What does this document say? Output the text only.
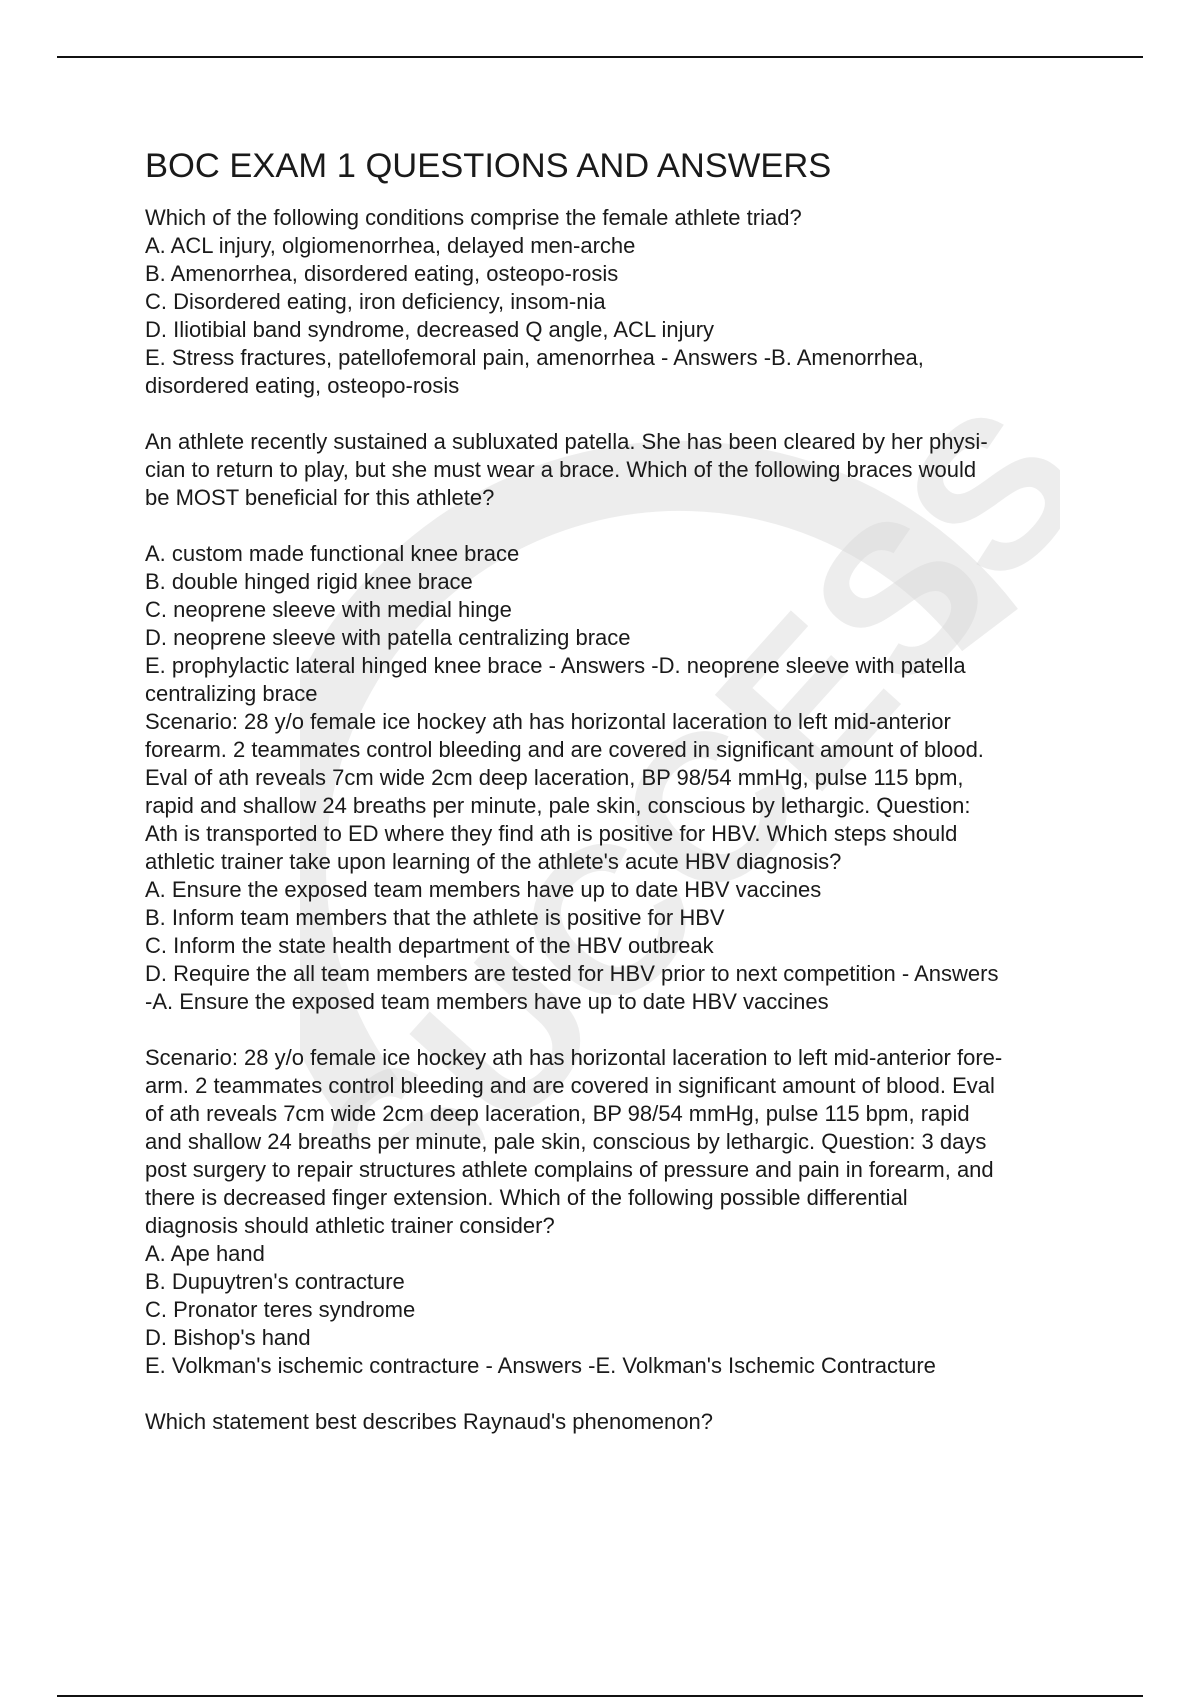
SUCCESS
BOC EXAM 1 QUESTIONS AND ANSWERS
Which of the following conditions comprise the female athlete triad?
A. ACL injury, olgiomenorrhea, delayed men-arche
B. Amenorrhea, disordered eating, osteopo-rosis
C. Disordered eating, iron deficiency, insom-nia
D. Iliotibial band syndrome, decreased Q angle, ACL injury
E. Stress fractures, patellofemoral pain, amenorrhea - Answers -B. Amenorrhea,
disordered eating, osteopo-rosis
An athlete recently sustained a subluxated patella. She has been cleared by her physi-
cian to return to play, but she must wear a brace. Which of the following braces would
be MOST beneficial for this athlete?
A. custom made functional knee brace
B. double hinged rigid knee brace
C. neoprene sleeve with medial hinge
D. neoprene sleeve with patella centralizing brace
E. prophylactic lateral hinged knee brace - Answers -D. neoprene sleeve with patella
centralizing brace
Scenario: 28 y/o female ice hockey ath has horizontal laceration to left mid-anterior
forearm. 2 teammates control bleeding and are covered in significant amount of blood.
Eval of ath reveals 7cm wide 2cm deep laceration, BP 98/54 mmHg, pulse 115 bpm,
rapid and shallow 24 breaths per minute, pale skin, conscious by lethargic. Question:
Ath is transported to ED where they find ath is positive for HBV. Which steps should
athletic trainer take upon learning of the athlete's acute HBV diagnosis?
A. Ensure the exposed team members have up to date HBV vaccines
B. Inform team members that the athlete is positive for HBV
C. Inform the state health department of the HBV outbreak
D. Require the all team members are tested for HBV prior to next competition - Answers
-A. Ensure the exposed team members have up to date HBV vaccines
Scenario: 28 y/o female ice hockey ath has horizontal laceration to left mid-anterior fore-
arm. 2 teammates control bleeding and are covered in significant amount of blood. Eval
of ath reveals 7cm wide 2cm deep laceration, BP 98/54 mmHg, pulse 115 bpm, rapid
and shallow 24 breaths per minute, pale skin, conscious by lethargic. Question: 3 days
post surgery to repair structures athlete complains of pressure and pain in forearm, and
there is decreased finger extension. Which of the following possible differential
diagnosis should athletic trainer consider?
A. Ape hand
B. Dupuytren's contracture
C. Pronator teres syndrome
D. Bishop's hand
E. Volkman's ischemic contracture - Answers -E. Volkman's Ischemic Contracture
Which statement best describes Raynaud's phenomenon?
